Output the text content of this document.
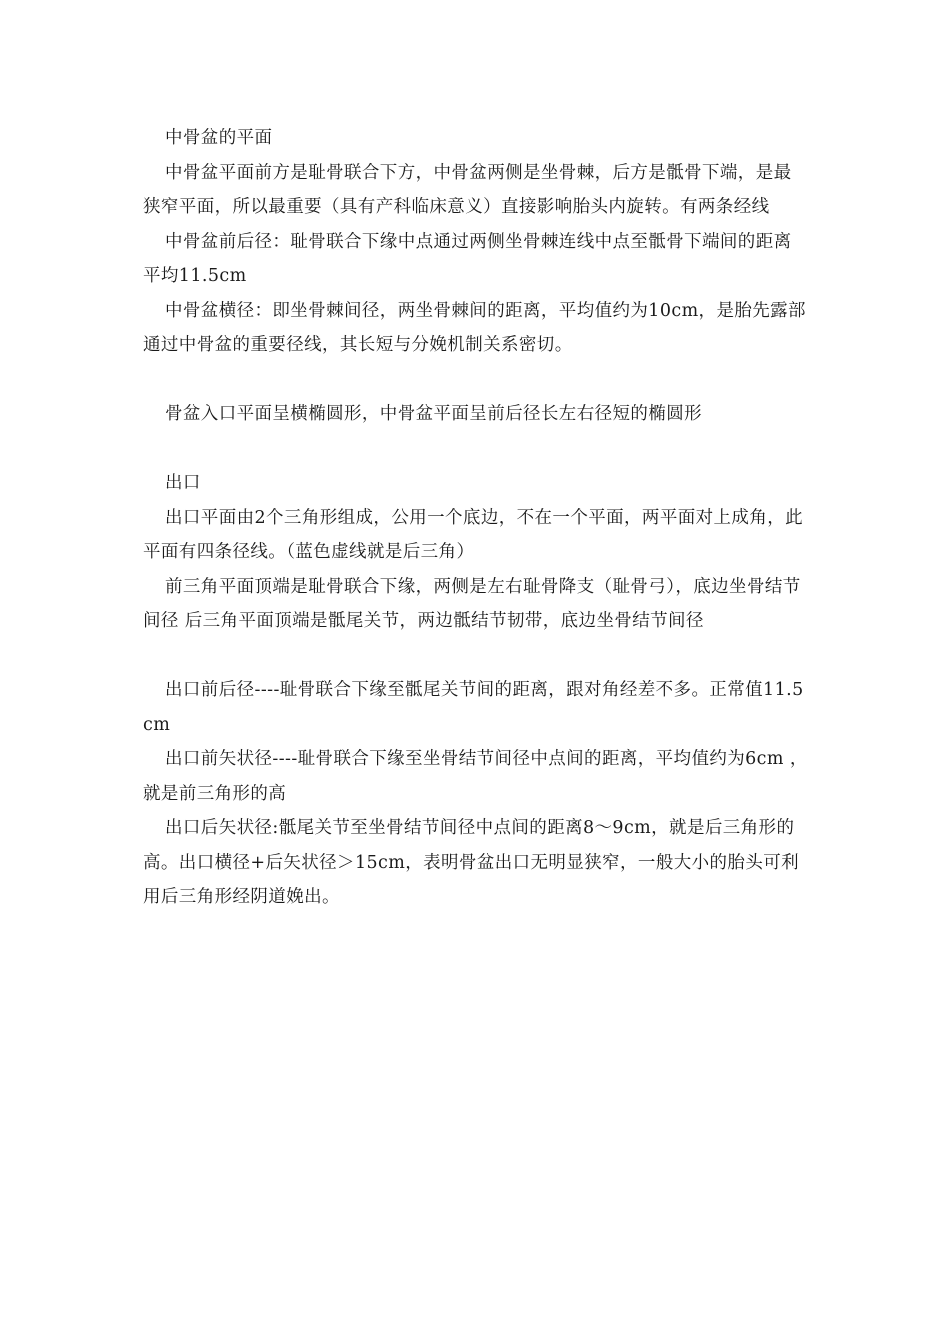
中骨盆的平面

中骨盆平面前方是耻骨联合下方，中骨盆两侧是坐骨棘，后方是骶骨下端，是最狭窄平面，所以最重要（具有产科临床意义）直接影响胎头内旋转。有两条经线

中骨盆前后径：耻骨联合下缘中点通过两侧坐骨棘连线中点至骶骨下端间的距离平均11.5cm

中骨盆横径：即坐骨棘间径，两坐骨棘间的距离，平均值约为10cm，是胎先露部通过中骨盆的重要径线，其长短与分娩机制关系密切。

骨盆入口平面呈横椭圆形，中骨盆平面呈前后径长左右径短的椭圆形

出口

出口平面由2个三角形组成，公用一个底边，不在一个平面，两平面对上成角，此平面有四条径线。（蓝色虚线就是后三角）

前三角平面顶端是耻骨联合下缘，两侧是左右耻骨降支（耻骨弓），底边坐骨结节间径 后三角平面顶端是骶尾关节，两边骶结节韧带，底边坐骨结节间径

出口前后径----耻骨联合下缘至骶尾关节间的距离，跟对角经差不多。正常值11.5cm

出口前矢状径----耻骨联合下缘至坐骨结节间径中点间的距离，平均值约为6cm ，就是前三角形的高

出口后矢状径:骶尾关节至坐骨结节间径中点间的距离8～9cm，就是后三角形的高。出口横径+后矢状径＞15cm，表明骨盆出口无明显狭窄，一般大小的胎头可利用后三角形经阴道娩出。
